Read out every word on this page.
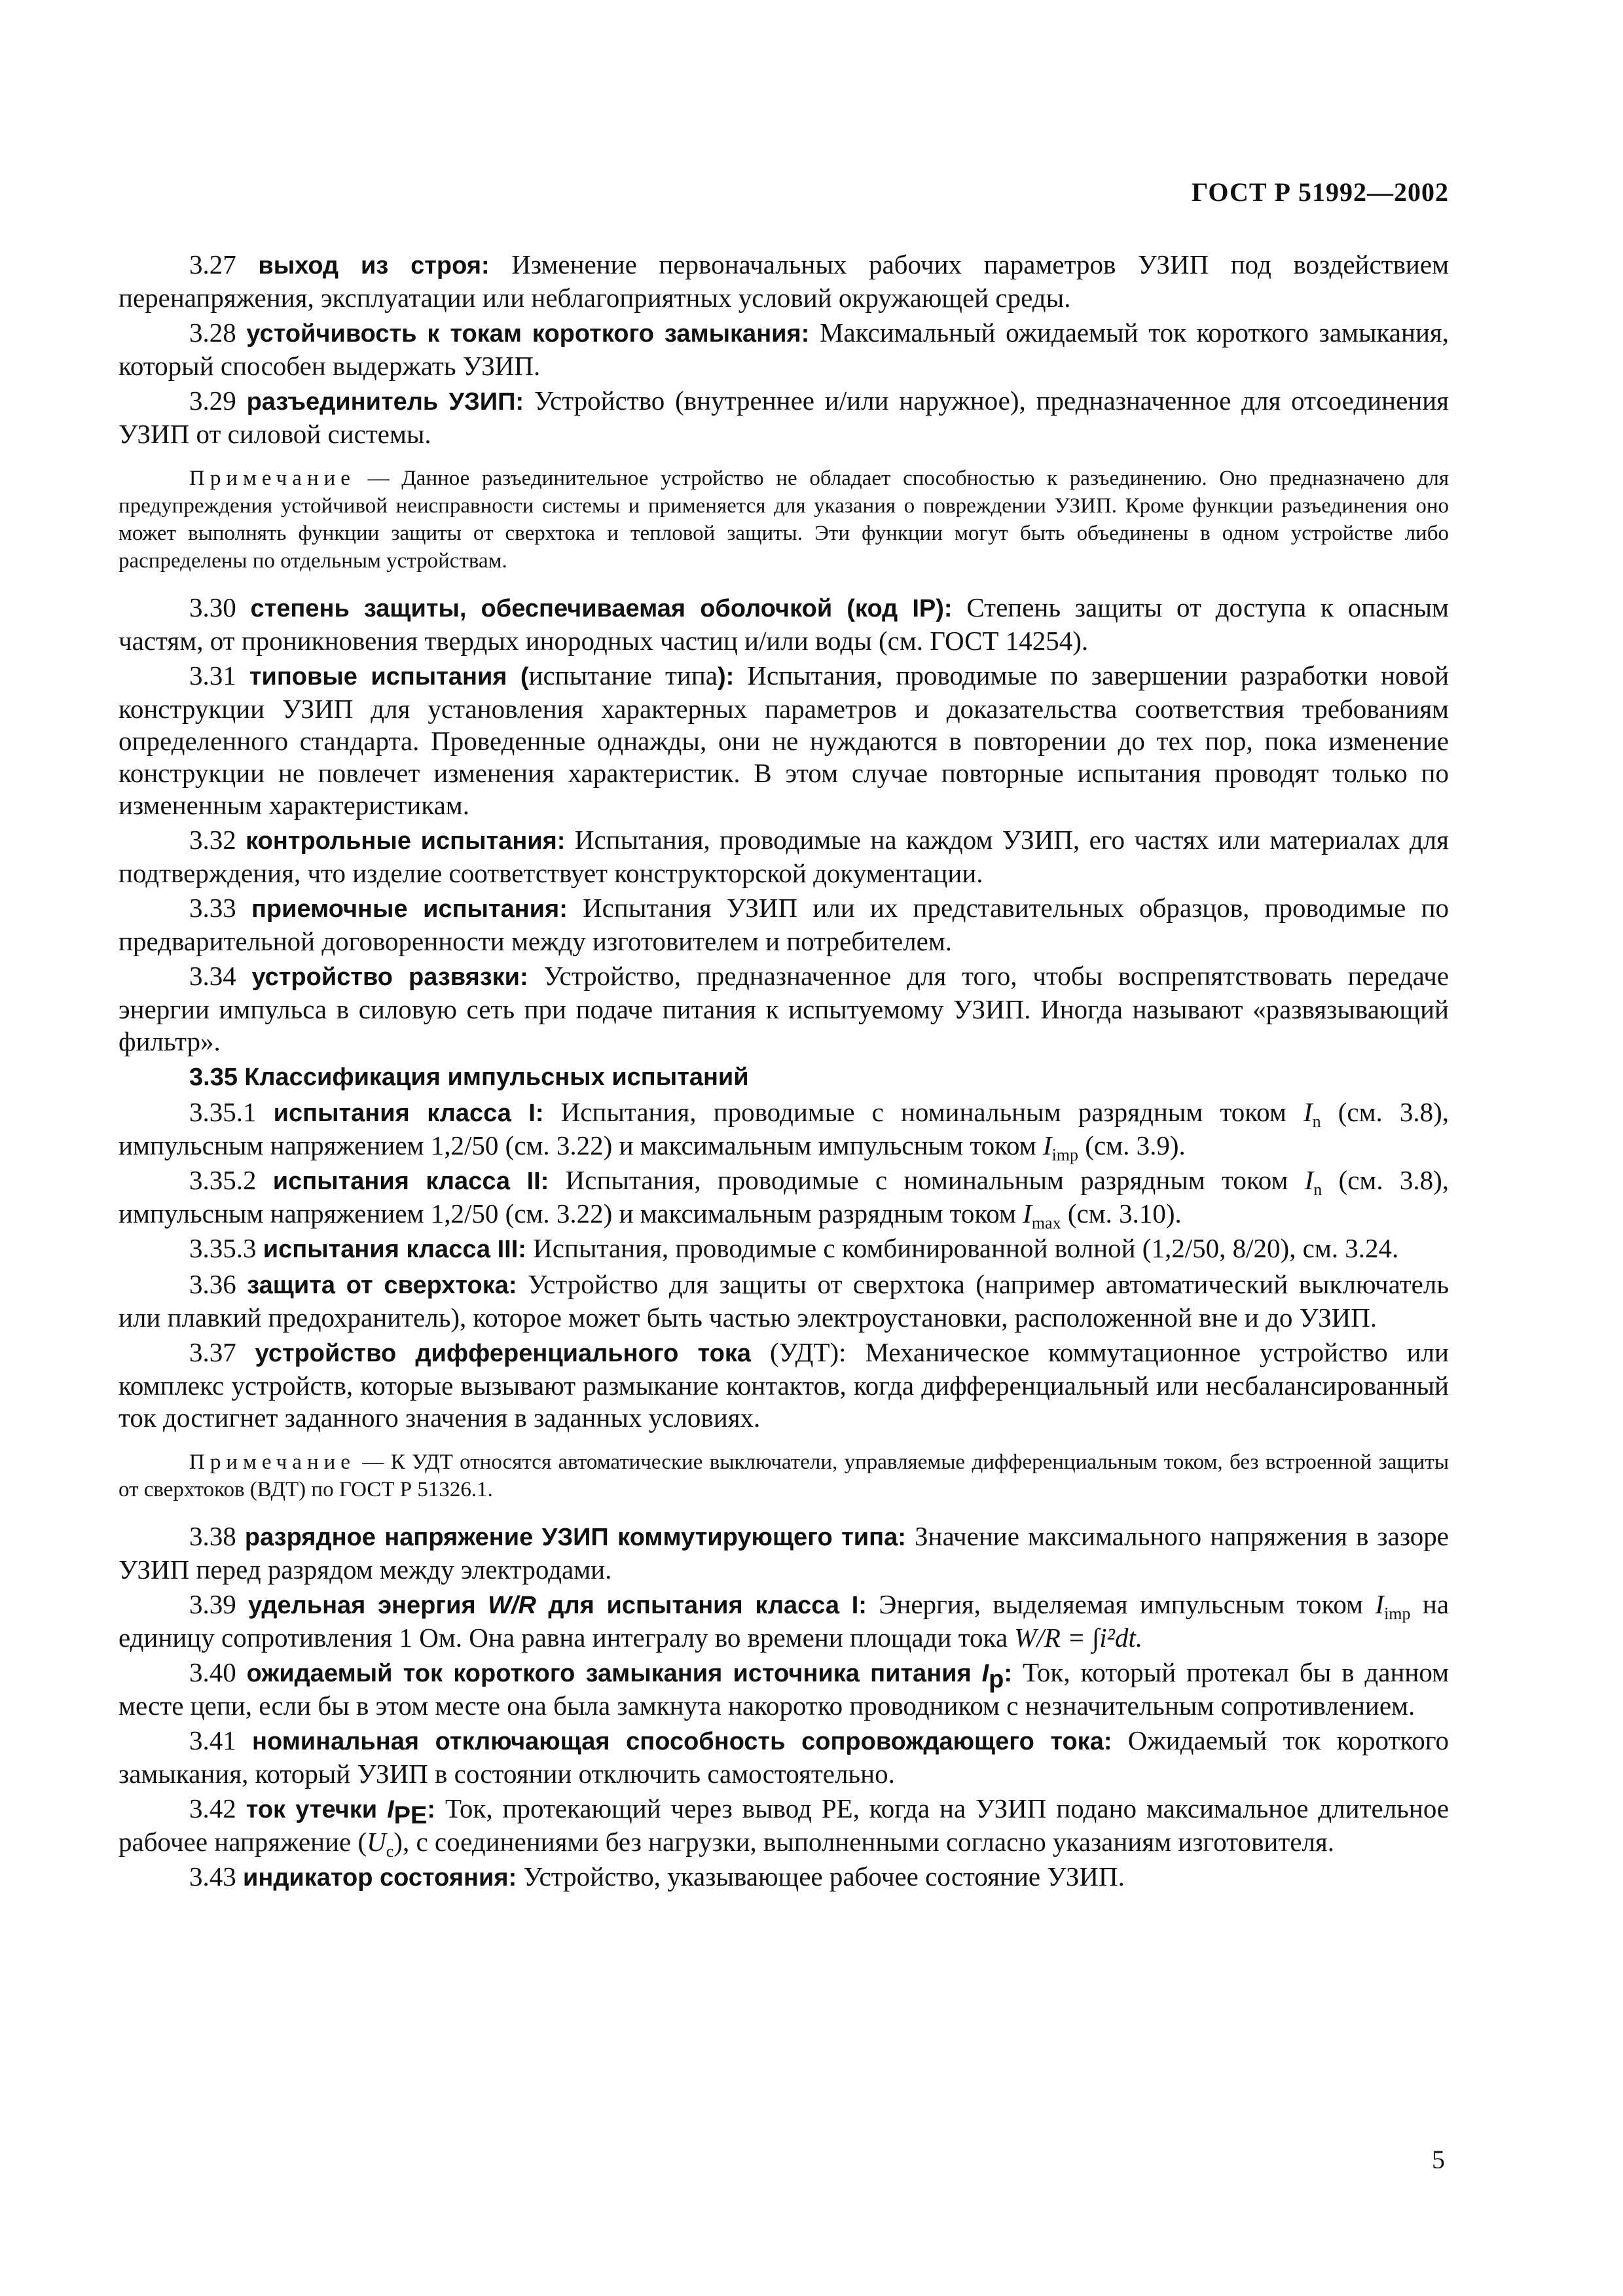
ГОСТ Р 51992—2002

3.27 выход из строя: Изменение первоначальных рабочих параметров УЗИП под воздействием перенапряжения, эксплуатации или неблагоприятных условий окружающей среды.

3.28 устойчивость к токам короткого замыкания: Максимальный ожидаемый ток короткого замыкания, который способен выдержать УЗИП.

3.29 разъединитель УЗИП: Устройство (внутреннее и/или наружное), предназначенное для отсоединения УЗИП от силовой системы.

Примечание — Данное разъединительное устройство не обладает способностью к разъединению. Оно предназначено для предупреждения устойчивой неисправности системы и применяется для указания о повреждении УЗИП. Кроме функции разъединения оно может выполнять функции защиты от сверхтока и тепловой защиты. Эти функции могут быть объединены в одном устройстве либо распределены по отдельным устройствам.

3.30 степень защиты, обеспечиваемая оболочкой (код IP): Степень защиты от доступа к опасным частям, от проникновения твердых инородных частиц и/или воды (см. ГОСТ 14254).

3.31 типовые испытания (испытание типа): Испытания, проводимые по завершении разработки новой конструкции УЗИП для установления характерных параметров и доказательства соответствия требованиям определенного стандарта. Проведенные однажды, они не нуждаются в повторении до тех пор, пока изменение конструкции не повлечет изменения характеристик. В этом случае повторные испытания проводят только по измененным характеристикам.

3.32 контрольные испытания: Испытания, проводимые на каждом УЗИП, его частях или материалах для подтверждения, что изделие соответствует конструкторской документации.

3.33 приемочные испытания: Испытания УЗИП или их представительных образцов, проводимые по предварительной договоренности между изготовителем и потребителем.

3.34 устройство развязки: Устройство, предназначенное для того, чтобы воспрепятствовать передаче энергии импульса в силовую сеть при подаче питания к испытуемому УЗИП. Иногда называют «развязывающий фильтр».

3.35 Классификация импульсных испытаний

3.35.1 испытания класса I: Испытания, проводимые с номинальным разрядным током $I_n$ (см. 3.8), импульсным напряжением 1,2/50 (см. 3.22) и максимальным импульсным током $I_{imp}$ (см. 3.9).

3.35.2 испытания класса II: Испытания, проводимые с номинальным разрядным током $I_n$ (см. 3.8), импульсным напряжением 1,2/50 (см. 3.22) и максимальным разрядным током $I_{max}$ (см. 3.10).

3.35.3 испытания класса III: Испытания, проводимые с комбинированной волной (1,2/50, 8/20), см. 3.24.

3.36 защита от сверхтока: Устройство для защиты от сверхтока (например автоматический выключатель или плавкий предохранитель), которое может быть частью электроустановки, расположенной вне и до УЗИП.

3.37 устройство дифференциального тока (УДТ): Механическое коммутационное устройство или комплекс устройств, которые вызывают размыкание контактов, когда дифференциальный или несбалансированный ток достигнет заданного значения в заданных условиях.

Примечание — К УДТ относятся автоматические выключатели, управляемые дифференциальным током, без встроенной защиты от сверхтоков (ВДТ) по ГОСТ Р 51326.1.

3.38 разрядное напряжение УЗИП коммутирующего типа: Значение максимального напряжения в зазоре УЗИП перед разрядом между электродами.

3.39 удельная энергия W/R для испытания класса I: Энергия, выделяемая импульсным током $I_{imp}$ на единицу сопротивления 1 Ом. Она равна интегралу во времени площади тока W/R = ∫i²dt.

3.40 ожидаемый ток короткого замыкания источника питания $I_p$: Ток, который протекал бы в данном месте цепи, если бы в этом месте она была замкнута накоротко проводником с незначительным сопротивлением.

3.41 номинальная отключающая способность сопровождающего тока: Ожидаемый ток короткого замыкания, который УЗИП в состоянии отключить самостоятельно.

3.42 ток утечки $I_{PE}$: Ток, протекающий через вывод PE, когда на УЗИП подано максимальное длительное рабочее напряжение $(U_c)$, с соединениями без нагрузки, выполненными согласно указаниям изготовителя.

3.43 индикатор состояния: Устройство, указывающее рабочее состояние УЗИП.

5
